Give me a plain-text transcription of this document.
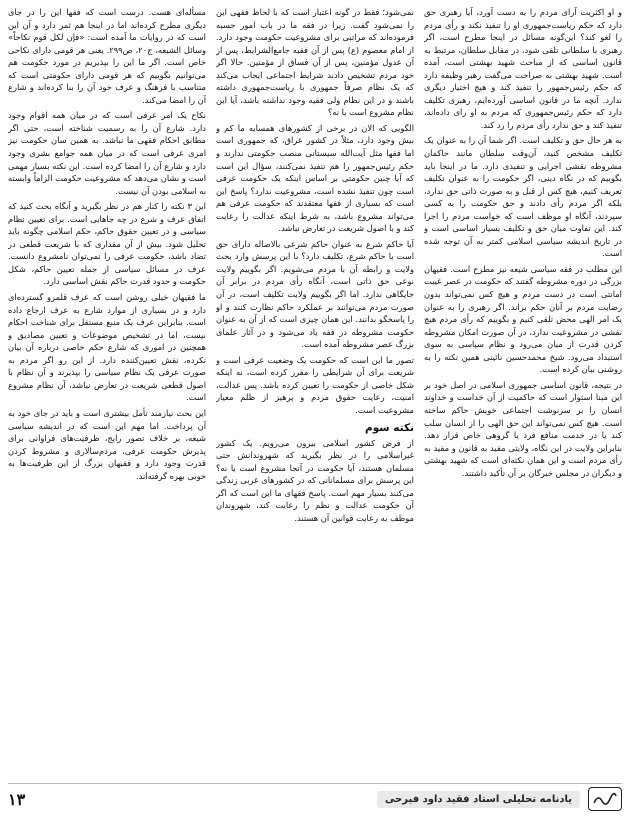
و او اکثریت آرای مردم را به دست آورد، آیا رهبری حق دارد که حکم ریاست‌جمهوری او را تنفیذ نکند و رأی مردم را لغو کند؟ این‌گونه مسائل در اینجا مطرح است، اگر رهبری با سلطانی تلقی شود، در مقابل سلطان، مرتبط به قانون اساسی که از مباحث شهید بهشتی است، آمده است. شهید بهشتی به صراحت می‌گفت رهبر وظیفه دارد که حکم رئیس‌جمهور را تنفیذ کند و هیچ اختیار دیگری ندارد. آنچه ما در قانون اساسی آورده‌ایم، رهبری تکلیف دارد که حکم رئیس‌جمهوری که مردم به او رای داده‌اند، تنفیذ کند و حق ندارد رأی مردم را رد کند.

به هر حال حق و تکلیف است. اگر شما آن را به عنوان یک تکلیف مشخص کنید، آن‌وقت سلطان مانند حاکمان مشروطه نقشی اجرایی و تنفیذی دارد. ما در اینجا باید بگوییم که در نگاه دینی، اگر حکومت را به عنوان تکلیف تعریف کنیم، هیچ کس از قبل و به صورت ذاتی حق ندارد، بلکه اگر مردم رأی دادند و حق حکومت را به کسی سپردند، آنگاه او موظف است که خواست مردم را اجرا کند. این تفاوت میان حق و تکلیف بسیار اساسی است و در تاریخ اندیشه سیاسی اسلامی کمتر به آن توجه شده است.

این مطلب در فقه سیاسی شیعه نیز مطرح است. فقیهان بزرگی در دوره مشروطه گفتند که حکومت در عصر غیبت امانتی است در دست مردم و هیچ کس نمی‌تواند بدون رضایت مردم بر آنان حکم براند. اگر رهبری را به عنوان یک امر الهی محض تلقی کنیم و بگوییم که رأی مردم هیچ نقشی در مشروعیت ندارد، در آن صورت امکان مشروطه کردن قدرت از میان می‌رود و نظام سیاسی به سوی استبداد می‌رود. شیخ محمدحسین نائینی همین نکته را به روشنی بیان کرده است.

در نتیجه، قانون اساسی جمهوری اسلامی در اصل خود بر این مبنا استوار است که حاکمیت از آن خداست و خداوند انسان را بر سرنوشت اجتماعی خویش حاکم ساخته است. هیچ کس نمی‌تواند این حق الهی را از انسان سلب کند یا در خدمت منافع فرد یا گروهی خاص قرار دهد. بنابراین ولایت در این نگاه، ولایتی مقید به قانون و مقید به رأی مردم است و این همان نکته‌ای است که شهید بهشتی و دیگران در مجلس خبرگان بر آن تأکید داشتند.

نمی‌شود؛ فقط در گونه اعتبار است که با لحاظ فقهی این را نمی‌شود گفت. زیرا در فقه ما در باب امور حسبه فرموده‌اند که مراتبی برای مشروعیت حکومت وجود دارد. از امام معصوم (ع) پس از آن فقیه جامع‌الشرایط، پس از آن عدول مؤمنین، پس از آن فساق از مؤمنین. حالا اگر خود مردم تشخیص دادند شرایط اجتماعی ایجاب می‌کند که یک نظام صرفاً جمهوری با ریاست‌جمهوری داشته باشند و در این نظام ولی فقیه وجود نداشته باشد، آیا این نظام مشروع است یا نه؟

الگویی که الان در برخی از کشورهای همسایه ما کم و بیش وجود دارد، مثلاً در کشور عراق، که جمهوری است اما فقها مثل آیت‌الله سیستانی منصب حکومتی ندارند و حکم رئیس‌جمهور را هم تنفیذ نمی‌کنند، سؤال این است که آیا چنین حکومتی بر اساس اینکه یک حکومت عرفی است چون تنفیذ نشده است، مشروعیت ندارد؟ پاسخ این است که بسیاری از فقها معتقدند که حکومت عرفی هم می‌تواند مشروع باشد، به شرط اینکه عدالت را رعایت کند و با اصول شریعت در تعارض نباشد.

آیا حاکم شرع به عنوان حاکم شرعی بالاصاله دارای حق است یا حاکم شرع، تکلیف دارد؟ با این پرسش وارد بحث ولایت و رابطه آن با مردم می‌شویم. اگر بگوییم ولایت نوعی حق ذاتی است، آنگاه رأی مردم در برابر آن جایگاهی ندارد. اما اگر بگوییم ولایت تکلیف است، در آن صورت مردم می‌توانند بر عملکرد حاکم نظارت کنند و او را پاسخگو بدانند. این همان چیزی است که از آن به عنوان حکومت مشروطه در فقه یاد می‌شود و در آثار علمای بزرگ عصر مشروطه آمده است.

تصور ما این است که حکومت یک وضعیت عرفی است و شریعت برای آن شرایطی را مقرر کرده است، نه اینکه شکل خاصی از حکومت را تعیین کرده باشد. پس عدالت، امنیت، رعایت حقوق مردم و پرهیز از ظلم معیار مشروعیت است.

نکته سوم

از فرض کشور اسلامی بیرون می‌رویم. یک کشور غیراسلامی را در نظر بگیرید که شهروندانش حتی مسلمان هستند، آیا حکومت در آنجا مشروع است یا نه؟ این پرسش برای مسلمانانی که در کشورهای غربی زندگی می‌کنند بسیار مهم است. پاسخ فقهای ما این است که اگر آن حکومت عدالت و نظم را رعایت کند، شهروندان موظف به رعایت قوانین آن هستند.

مسأله‌ای هست. درست است که فقها این را در جای دیگری مطرح کرده‌اند اما در اینجا هم ثمر دارد و آن این است که در روایات ما آمده است: «فإن لکل قوم نکاحاً» وسائل الشیعه، ج۲۰، ص۲۹۹. یعنی هر قومی دارای نکاحی خاص است. اگر ما این را بپذیریم در مورد حکومت هم می‌توانیم بگوییم که هر قومی دارای حکومتی است که متناسب با فرهنگ و عرف خود آن را بنا کرده‌اند و شارع آن را امضا می‌کند.

نکاح یک امر عرفی است که در میان همه اقوام وجود دارد. شارع آن را به رسمیت شناخته است، حتی اگر مطابق احکام فقهی ما نباشد. به همین سان حکومت نیز امری عرفی است که در میان همه جوامع بشری وجود دارد و شارع آن را امضا کرده است. این نکته بسیار مهمی است و نشان می‌دهد که مشروعیت حکومت الزاماً وابسته به اسلامی بودن آن نیست.

این ۳ نکته را کنار هم در نظر بگیرید و آنگاه بحث کنید که اتفاق عرف و شرع در چه جاهایی است. برای تعیین نظام سیاسی و در تعیین حقوق حاکم، حکم اسلامی چگونه باید تحلیل شود. بیش از آن مقداری که با شریعت قطعی در تضاد باشد، حکومت عرفی را نمی‌توان نامشروع دانست. عرف در مسائل سیاسی از جمله تعیین حاکم، شکل حکومت و حدود قدرت حاکم نقش اساسی دارد.

ما فقیهان خیلی روشن است که عرف قلمرو گسترده‌ای دارد و در بسیاری از موارد شارع به عرف ارجاع داده است. بنابراین عرف یک منبع مستقل برای شناخت احکام نیست، اما در تشخیص موضوعات و تعیین مصادیق و همچنین در اموری که شارع حکم خاصی درباره آن بیان نکرده، نقش تعیین‌کننده دارد. از این رو اگر مردم به صورت عرفی یک نظام سیاسی را بپذیرند و آن نظام با اصول قطعی شریعت در تعارض نباشد، آن نظام مشروع است.

این بحث نیازمند تأمل بیشتری است و باید در جای خود به آن پرداخت. اما مهم این است که در اندیشه سیاسی شیعه، بر خلاف تصور رایج، ظرفیت‌های فراوانی برای پذیرش حکومت عرفی، مردم‌سالاری و مشروط کردن قدرت وجود دارد و فقیهان بزرگ از این ظرفیت‌ها به خوبی بهره گرفته‌اند.

یادنامه تحلیلی استاد فقید داود فیرحی
۱۳
